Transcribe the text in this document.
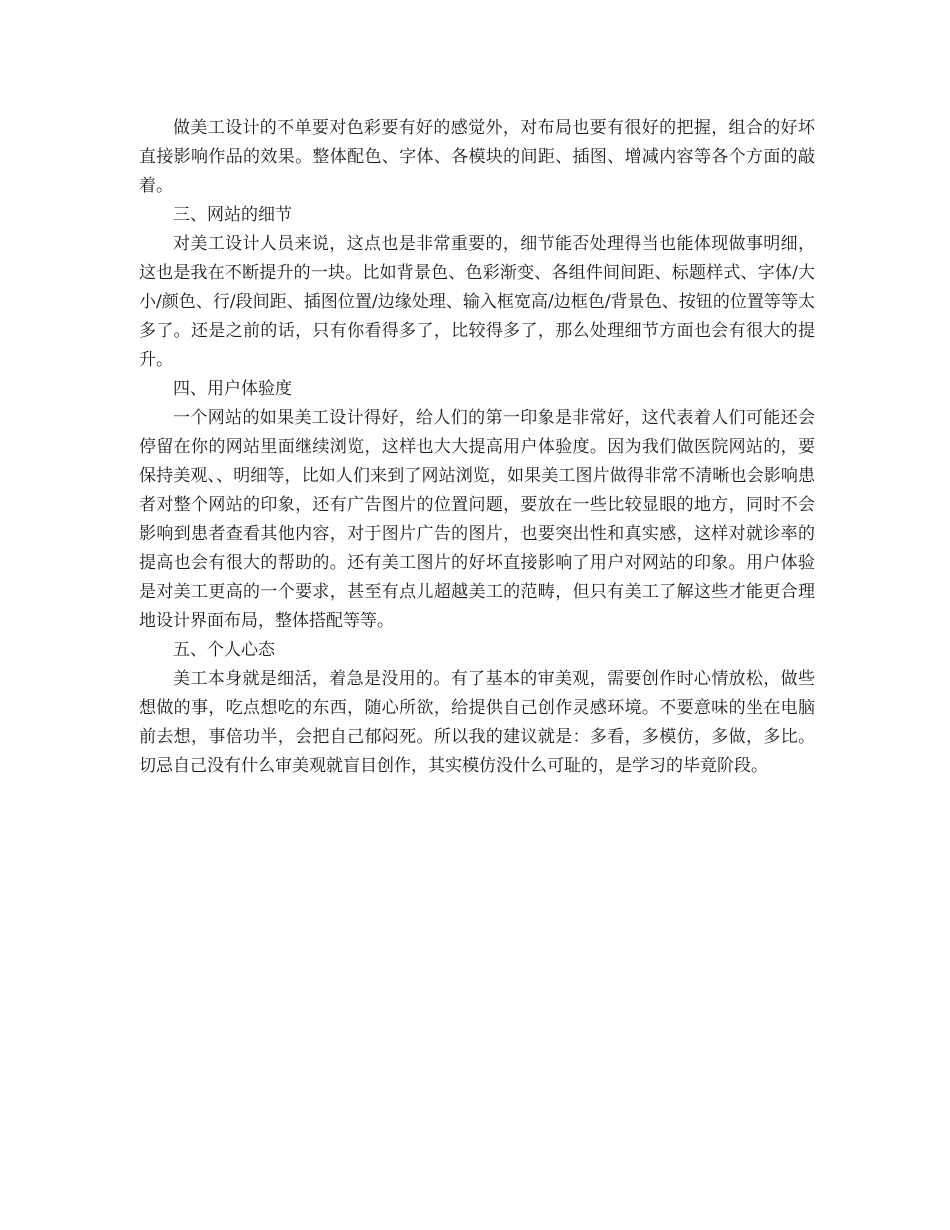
做美工设计的不单要对色彩要有好的感觉外，对布局也要有很好的把握，组合的好坏直接影响作品的效果。整体配色、字体、各模块的间距、插图、增减内容等各个方面的敲着。

三、网站的细节

对美工设计人员来说，这点也是非常重要的，细节能否处理得当也能体现做事明细，这也是我在不断提升的一块。比如背景色、色彩渐变、各组件间间距、标题样式、字体/大小/颜色、行/段间距、插图位置/边缘处理、输入框宽高/边框色/背景色、按钮的位置等等太多了。还是之前的话，只有你看得多了，比较得多了，那么处理细节方面也会有很大的提升。

四、用户体验度

一个网站的如果美工设计得好，给人们的第一印象是非常好，这代表着人们可能还会停留在你的网站里面继续浏览，这样也大大提高用户体验度。因为我们做医院网站的，要保持美观、、明细等，比如人们来到了网站浏览，如果美工图片做得非常不清晰也会影响患者对整个网站的印象，还有广告图片的位置问题，要放在一些比较显眼的地方，同时不会影响到患者查看其他内容，对于图片广告的图片，也要突出性和真实感，这样对就诊率的提高也会有很大的帮助的。还有美工图片的好坏直接影响了用户对网站的印象。用户体验是对美工更高的一个要求，甚至有点儿超越美工的范畴，但只有美工了解这些才能更合理地设计界面布局，整体搭配等等。

五、个人心态

美工本身就是细活，着急是没用的。有了基本的审美观，需要创作时心情放松，做些想做的事，吃点想吃的东西，随心所欲，给提供自己创作灵感环境。不要意味的坐在电脑前去想，事倍功半，会把自己郁闷死。所以我的建议就是：多看，多模仿，多做，多比。切忌自己没有什么审美观就盲目创作，其实模仿没什么可耻的，是学习的毕竟阶段。
